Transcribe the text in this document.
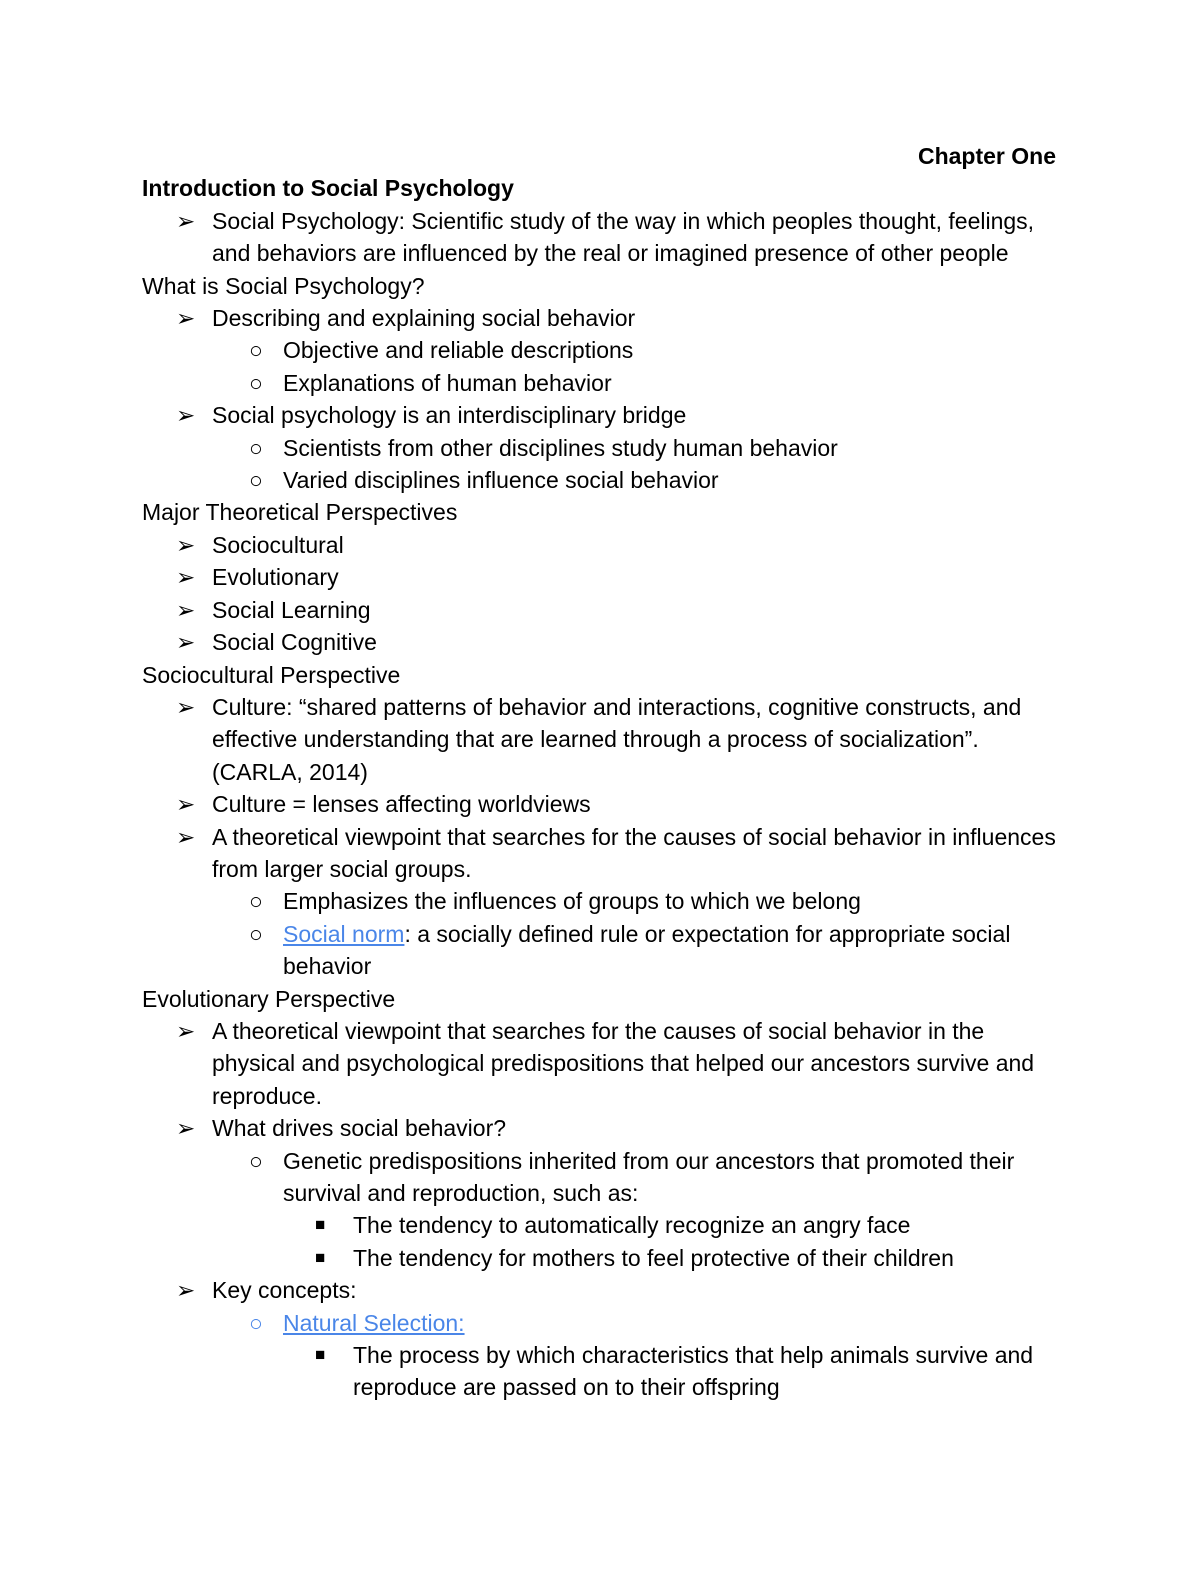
Chapter One
Introduction to Social Psychology
➢ Social Psychology: Scientific study of the way in which peoples thought, feelings, and behaviors are influenced by the real or imagined presence of other people
What is Social Psychology?
➢ Describing and explaining social behavior
○ Objective and reliable descriptions
○ Explanations of human behavior
➢ Social psychology is an interdisciplinary bridge
○ Scientists from other disciplines study human behavior
○ Varied disciplines influence social behavior
Major Theoretical Perspectives
➢ Sociocultural
➢ Evolutionary
➢ Social Learning
➢ Social Cognitive
Sociocultural Perspective
➢ Culture: “shared patterns of behavior and interactions, cognitive constructs, and effective understanding that are learned through a process of socialization”. (CARLA, 2014)
➢ Culture = lenses affecting worldviews
➢ A theoretical viewpoint that searches for the causes of social behavior in influences from larger social groups.
○ Emphasizes the influences of groups to which we belong
○ Social norm: a socially defined rule or expectation for appropriate social behavior
Evolutionary Perspective
➢ A theoretical viewpoint that searches for the causes of social behavior in the physical and psychological predispositions that helped our ancestors survive and reproduce.
➢ What drives social behavior?
○ Genetic predispositions inherited from our ancestors that promoted their survival and reproduction, such as:
■	The tendency to automatically recognize an angry face
■	The tendency for mothers to feel protective of their children
➢ Key concepts:
○ Natural Selection:
■	The process by which characteristics that help animals survive and reproduce are passed on to their offspring
